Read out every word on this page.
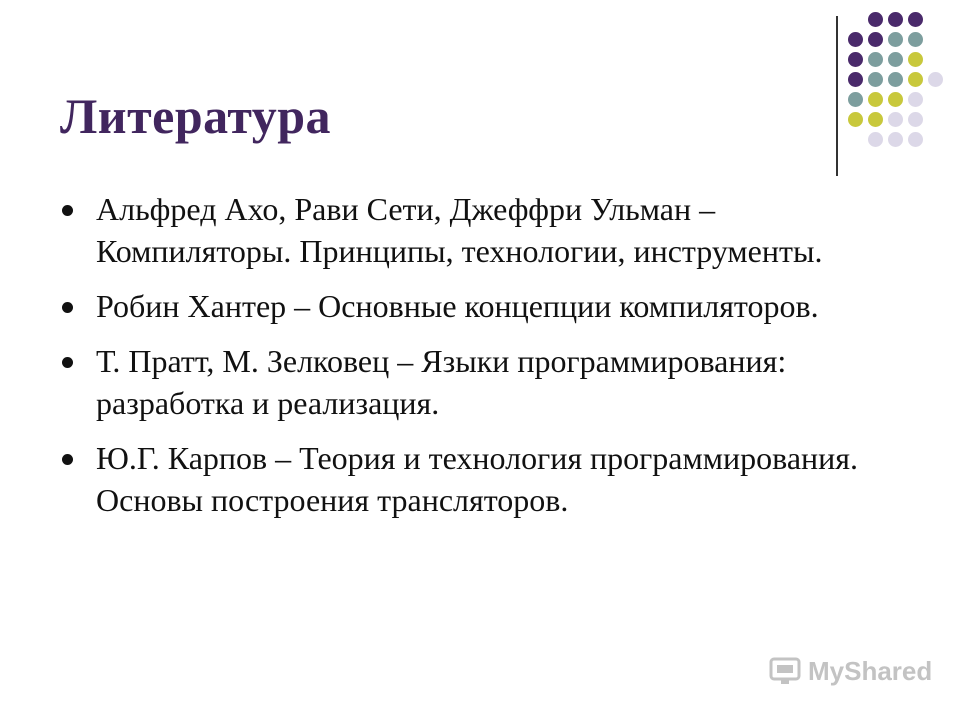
Литература
Альфред Ахо, Рави Сети, Джеффри Ульман – Компиляторы. Принципы, технологии, инструменты.
Робин Хантер – Основные концепции компиляторов.
Т. Пратт, М. Зелковец – Языки программирования: разработка и реализация.
Ю.Г. Карпов – Теория и технология программирования. Основы построения трансляторов.
MyShared
